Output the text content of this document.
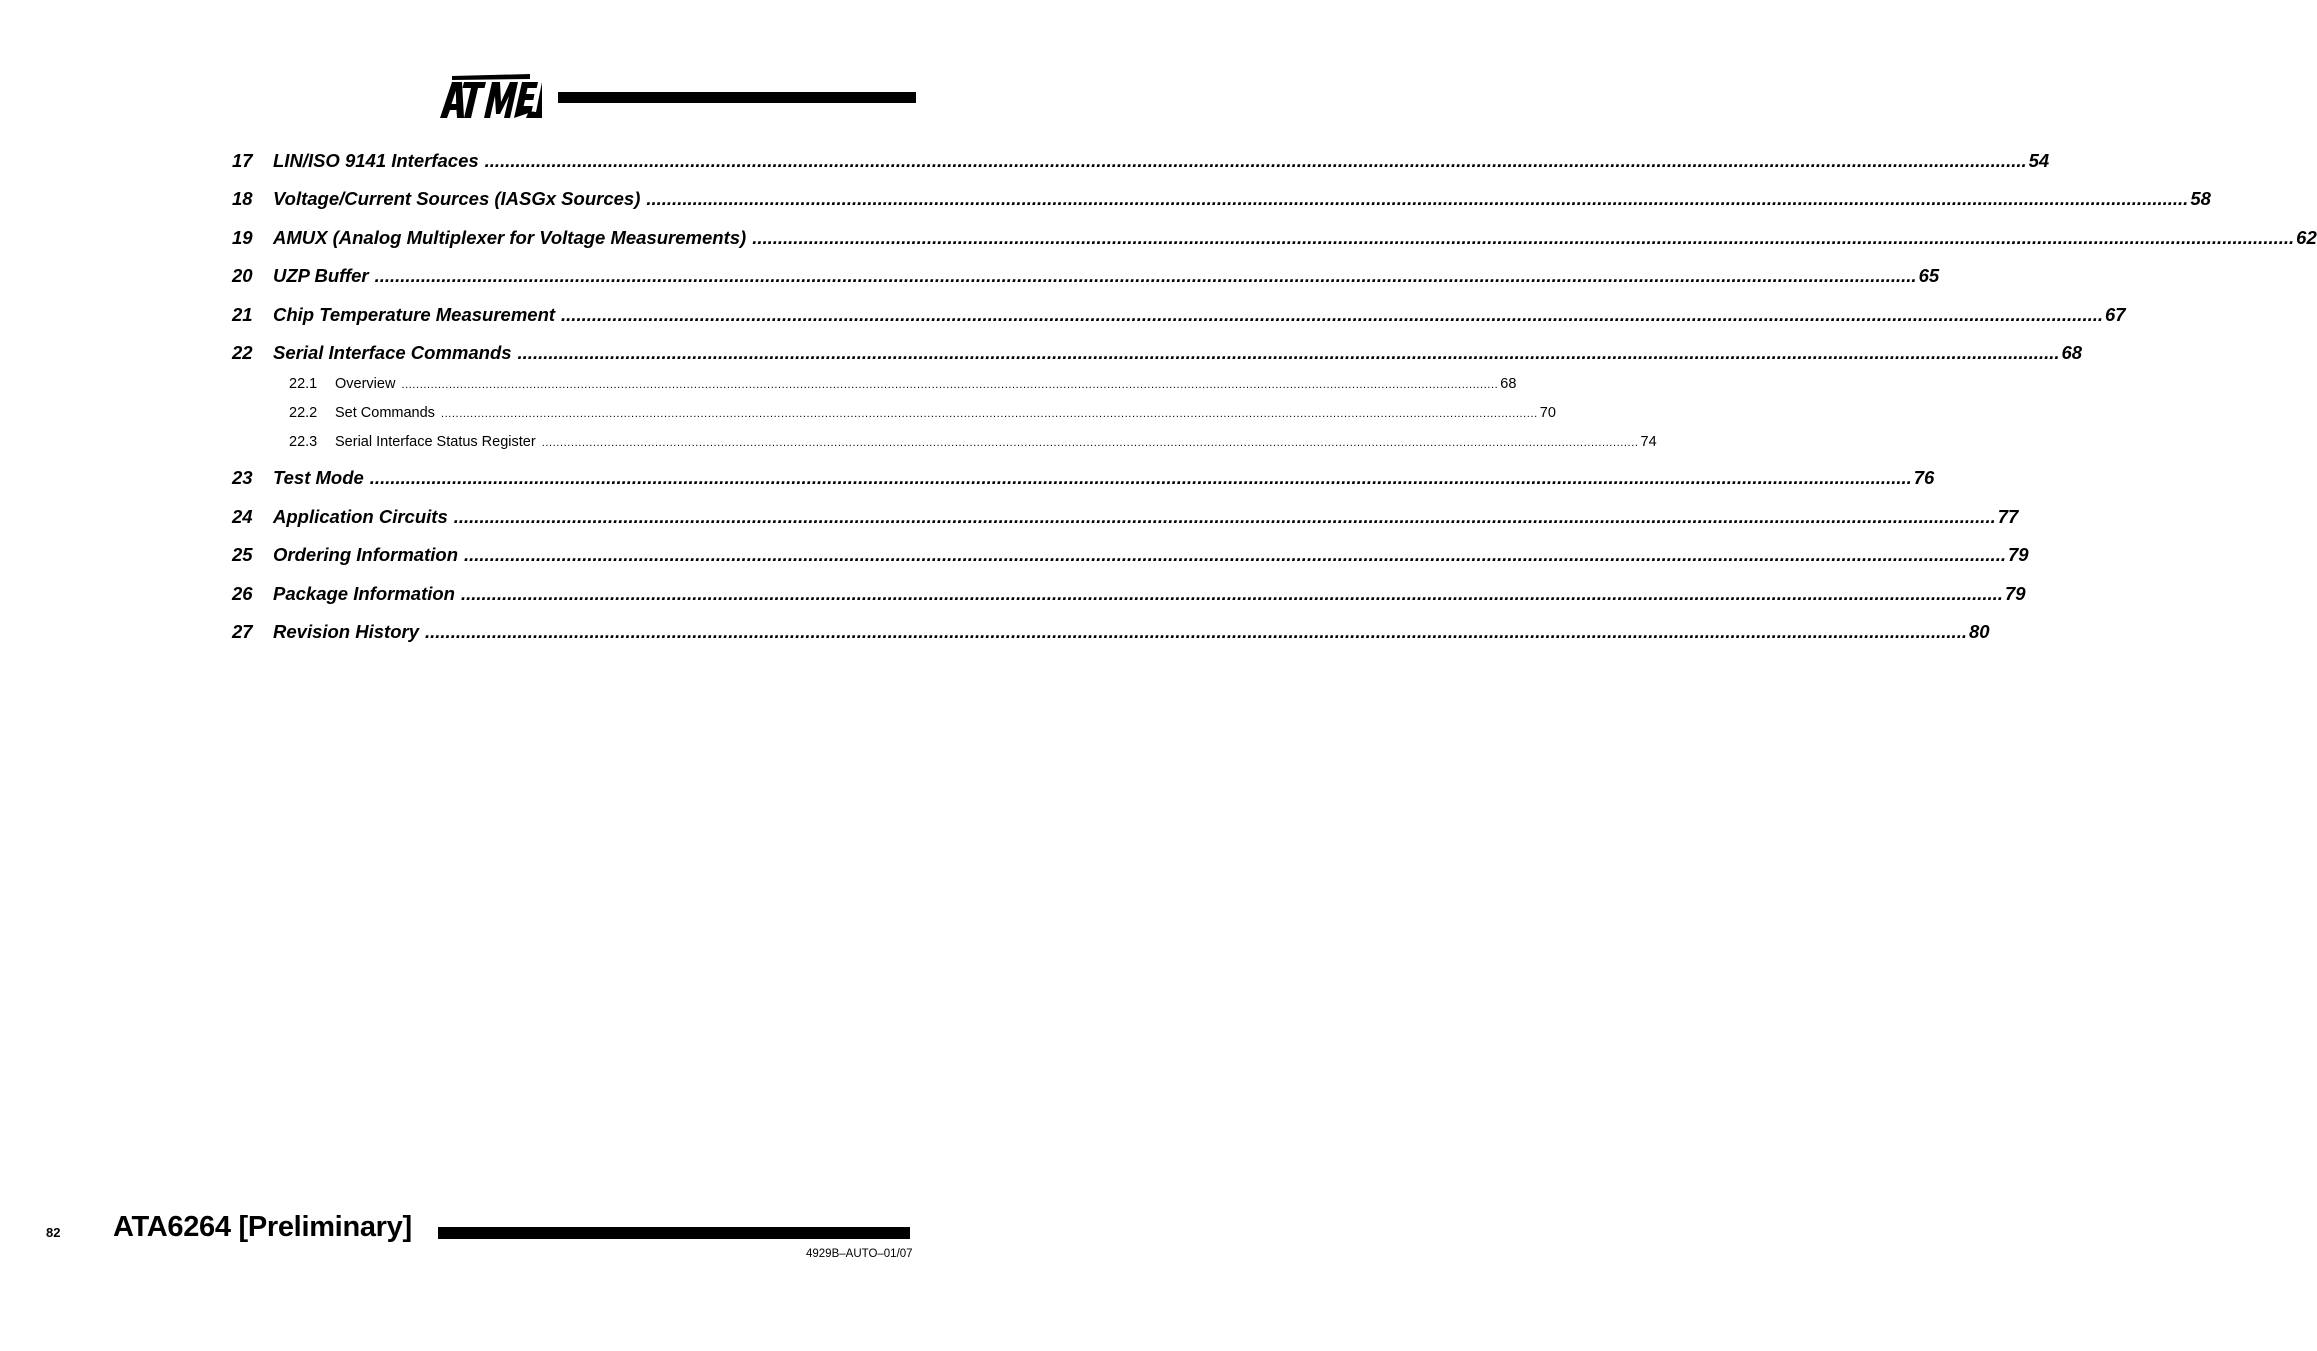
®
17	LIN/ISO 9141 Interfaces ............................................................................................................................................................................................................................................................................................................ 54
18	Voltage/Current Sources (IASGx Sources) ............................................................................................................................................................................................................................................................................................................ 58
19	AMUX (Analog Multiplexer for Voltage Measurements) ............................................................................................................................................................................................................................................................................................................ 62
20	UZP Buffer ............................................................................................................................................................................................................................................................................................................ 65
21	Chip Temperature Measurement ............................................................................................................................................................................................................................................................................................................ 67
22	Serial Interface Commands ............................................................................................................................................................................................................................................................................................................ 68
22.1	Overview ............................................................................................................................................................................................................................................................................................................ 68
22.2	Set Commands ............................................................................................................................................................................................................................................................................................................ 70
22.3	Serial Interface Status Register ............................................................................................................................................................................................................................................................................................................ 74
23	Test Mode ............................................................................................................................................................................................................................................................................................................ 76
24	Application Circuits ............................................................................................................................................................................................................................................................................................................ 77
25	Ordering Information ............................................................................................................................................................................................................................................................................................................ 79
26	Package Information ............................................................................................................................................................................................................................................................................................................ 79
27	Revision History ............................................................................................................................................................................................................................................................................................................ 80
82 ATA6264 [Preliminary]
4929B–AUTO–01/07
